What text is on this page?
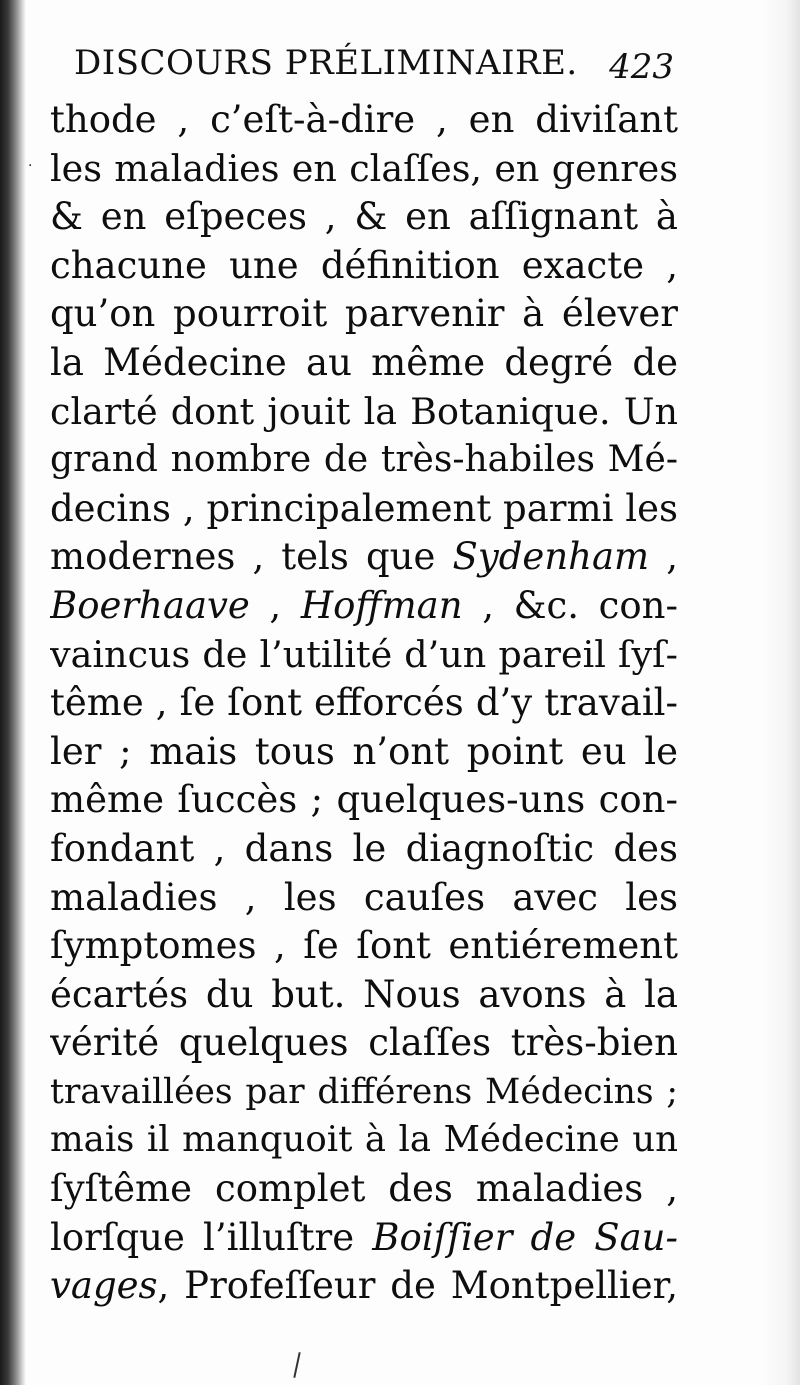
DISCOURS PRÉLIMINAIRE. 423
·
thode , c’eſt-à-dire , en diviſant
les maladies en claſſes, en genres
& en eſpeces , & en aſſignant à
chacune une définition exacte ,
qu’on pourroit parvenir à élever
la Médecine au même degré de
clarté dont jouit la Botanique. Un
grand nombre de très-habiles Mé-
decins , principalement parmi les
modernes , tels que Sydenham ,
Boerhaave , Hoffman , &c. con-
vaincus de l’utilité d’un pareil ſyſ-
tême , ſe ſont efforcés d’y travail-
ler ; mais tous n’ont point eu le
même ſuccès ; quelques-uns con-
fondant , dans le diagnoſtic des
maladies , les cauſes avec les
ſymptomes , ſe ſont entiérement
écartés du but. Nous avons à la
vérité quelques claſſes très-bien
travaillées par différens Médecins ;
mais il manquoit à la Médecine un
ſyſtême complet des maladies ,
lorſque l’illuſtre Boiſſier de Sau-
vages, Profeſſeur de Montpellier,
